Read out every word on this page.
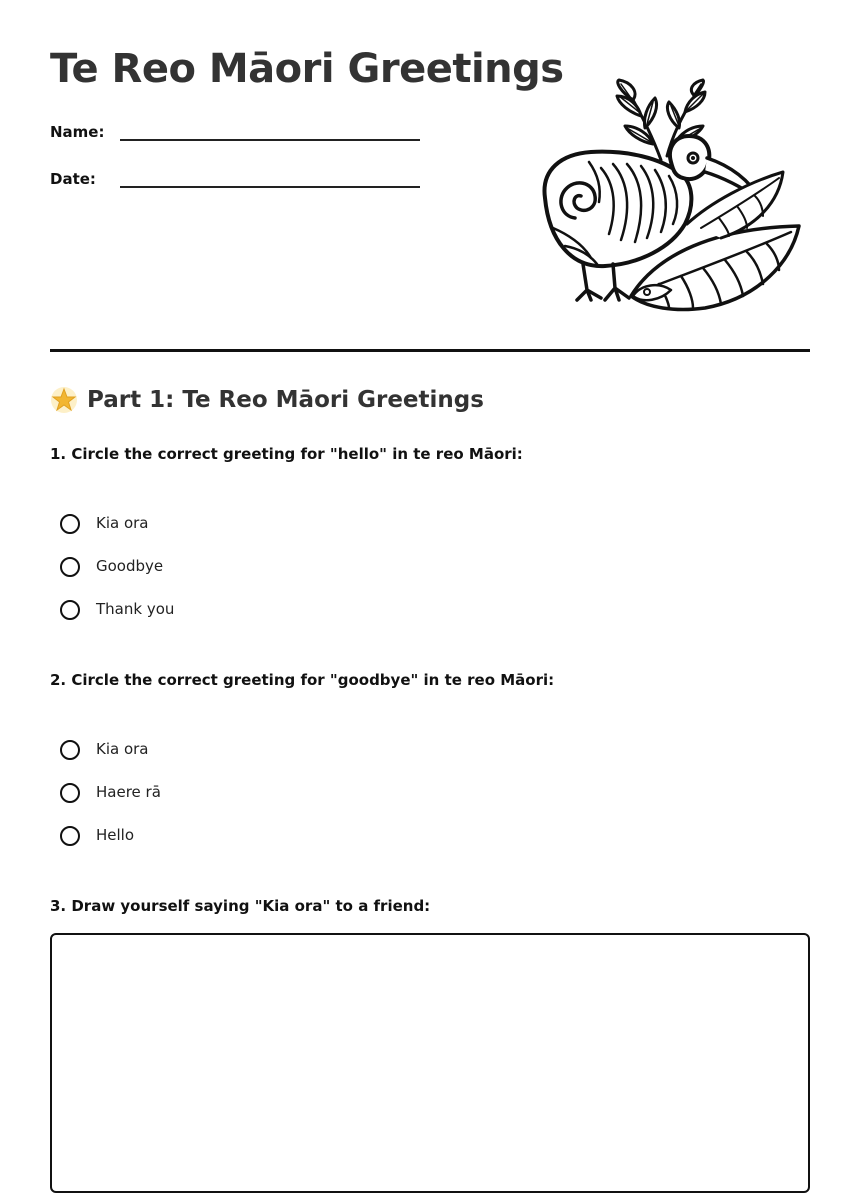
Te Reo Māori Greetings
Name:
Date:
Part 1: Te Reo Māori Greetings

1. Circle the correct greeting for "hello" in te reo Māori:

Kia ora
Goodbye
Thank you

2. Circle the correct greeting for "goodbye" in te reo Māori:

Kia ora
Haere rā
Hello

3. Draw yourself saying "Kia ora" to a friend:
